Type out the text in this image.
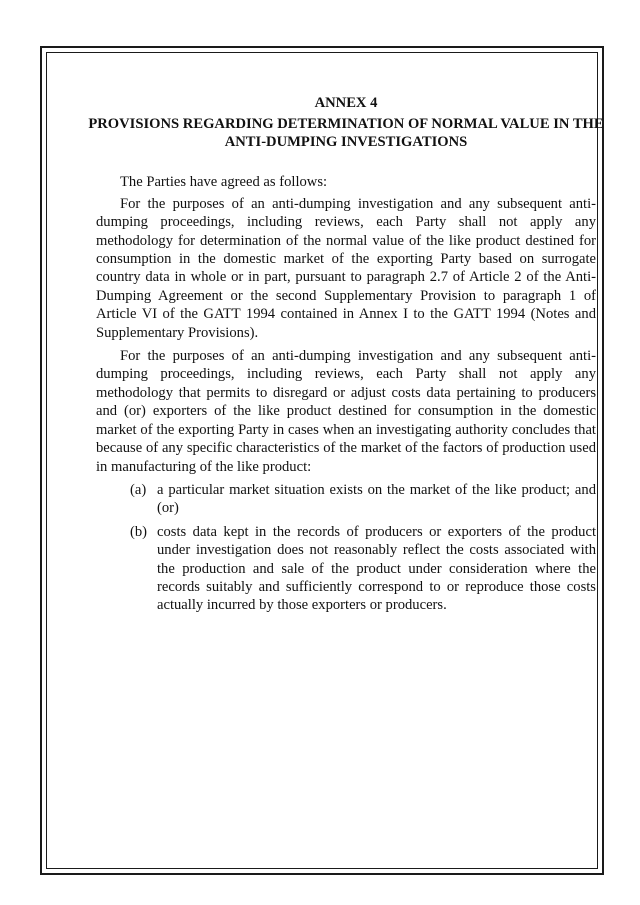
ANNEX 4
PROVISIONS REGARDING DETERMINATION OF NORMAL VALUE IN THE ANTI-DUMPING INVESTIGATIONS

The Parties have agreed as follows:

For the purposes of an anti-dumping investigation and any subsequent anti-dumping proceedings, including reviews, each Party shall not apply any methodology for determination of the normal value of the like product destined for consumption in the domestic market of the exporting Party based on surrogate country data in whole or in part, pursuant to paragraph 2.7 of Article 2 of the Anti-Dumping Agreement or the second Supplementary Provision to paragraph 1 of Article VI of the GATT 1994 contained in Annex I to the GATT 1994 (Notes and Supplementary Provisions).

For the purposes of an anti-dumping investigation and any subsequent anti-dumping proceedings, including reviews, each Party shall not apply any methodology that permits to disregard or adjust costs data pertaining to producers and (or) exporters of the like product destined for consumption in the domestic market of the exporting Party in cases when an investigating authority concludes that because of any specific characteristics of the market of the factors of production used in manufacturing of the like product:

(a) a particular market situation exists on the market of the like product; and (or)
(b) costs data kept in the records of producers or exporters of the product under investigation does not reasonably reflect the costs associated with the production and sale of the product under consideration where the records suitably and sufficiently correspond to or reproduce those costs actually incurred by those exporters or producers.
